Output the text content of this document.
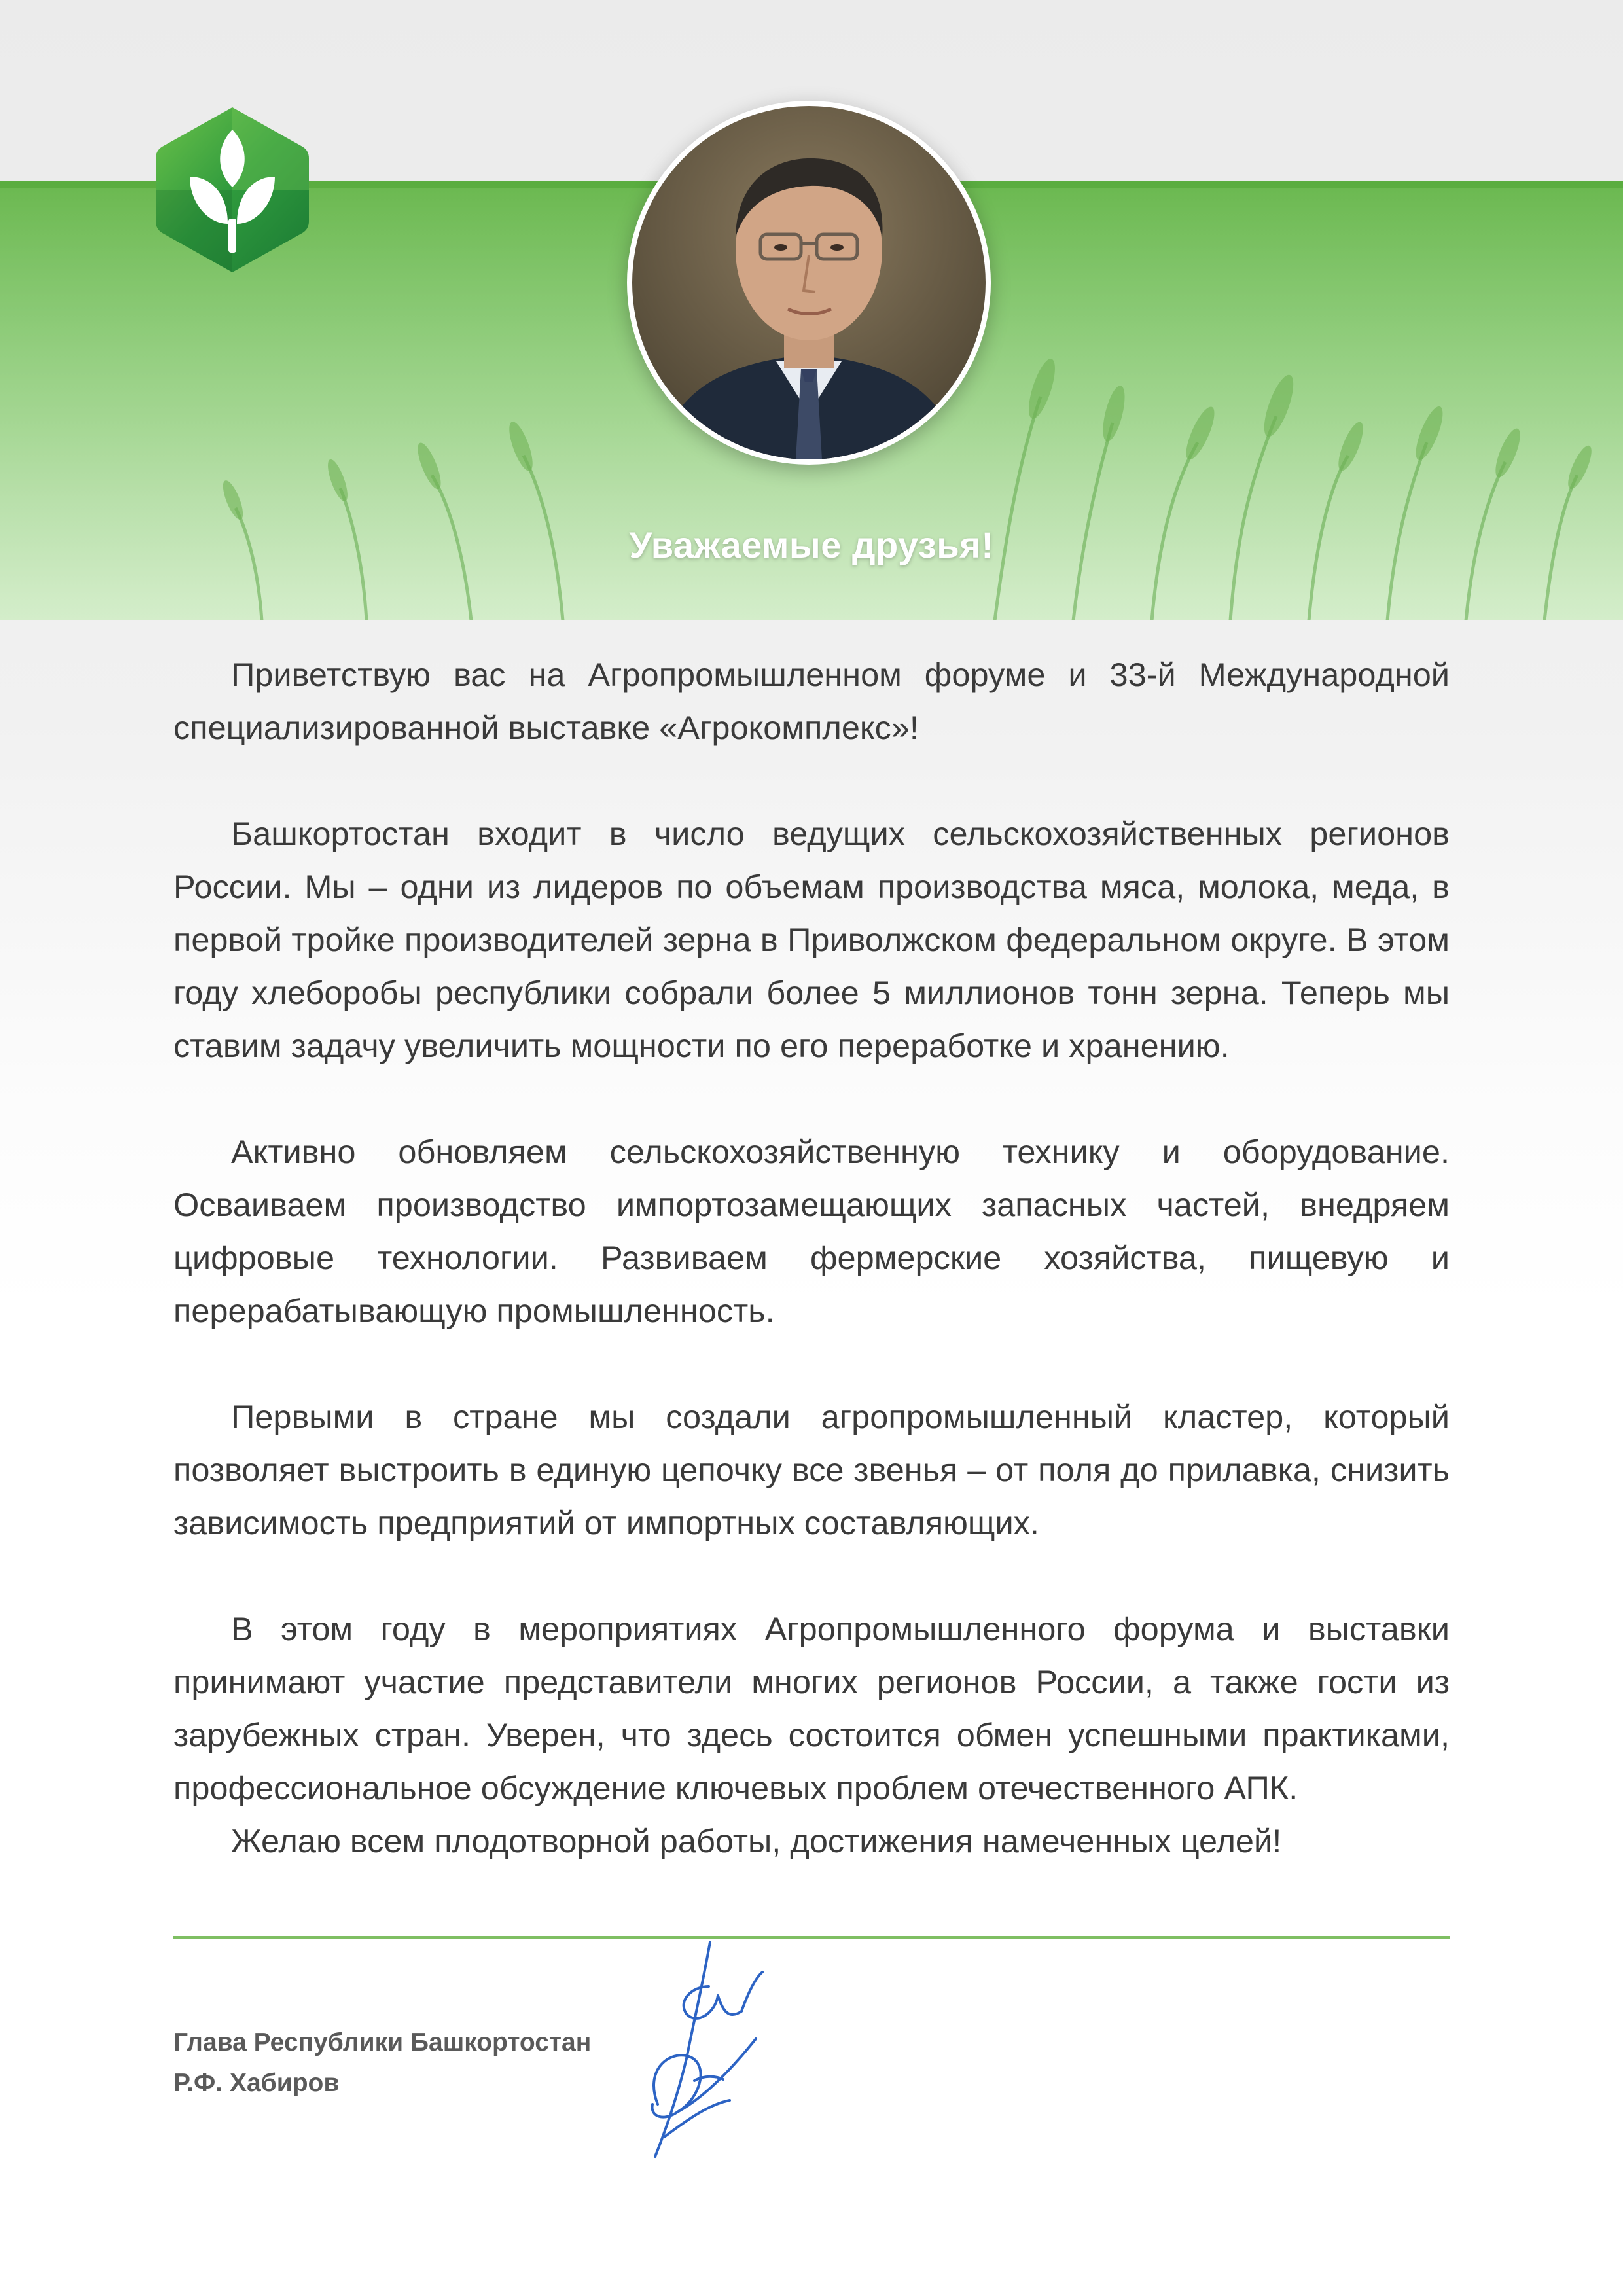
Уважаемые друзья!

Приветствую вас на Агропромышленном форуме и 33-й Международной специализированной выставке «Агрокомплекс»!

Башкортостан входит в число ведущих сельскохозяйственных регионов России. Мы – одни из лидеров по объемам производства мяса, молока, меда, в первой тройке производителей зерна в Приволжском федеральном округе. В этом году хлеборобы республики собрали более 5 миллионов тонн зерна. Теперь мы ставим задачу увеличить мощности по его переработке и хранению.

Активно обновляем сельскохозяйственную технику и оборудование. Осваиваем производство импортозамещающих запасных частей, внедряем цифровые технологии. Развиваем фермерские хозяйства, пищевую и перерабатывающую промышленность.

Первыми в стране мы создали агропромышленный кластер, который позволяет выстроить в единую цепочку все звенья – от поля до прилавка, снизить зависимость предприятий от импортных составляющих.

В этом году в мероприятиях Агропромышленного форума и выставки принимают участие представители многих регионов России, а также гости из зарубежных стран. Уверен, что здесь состоится обмен успешными практиками, профессиональное обсуждение ключевых проблем отечественного АПК.

Желаю всем плодотворной работы, достижения намеченных целей!

Глава Республики Башкортостан
Р.Ф. Хабиров
